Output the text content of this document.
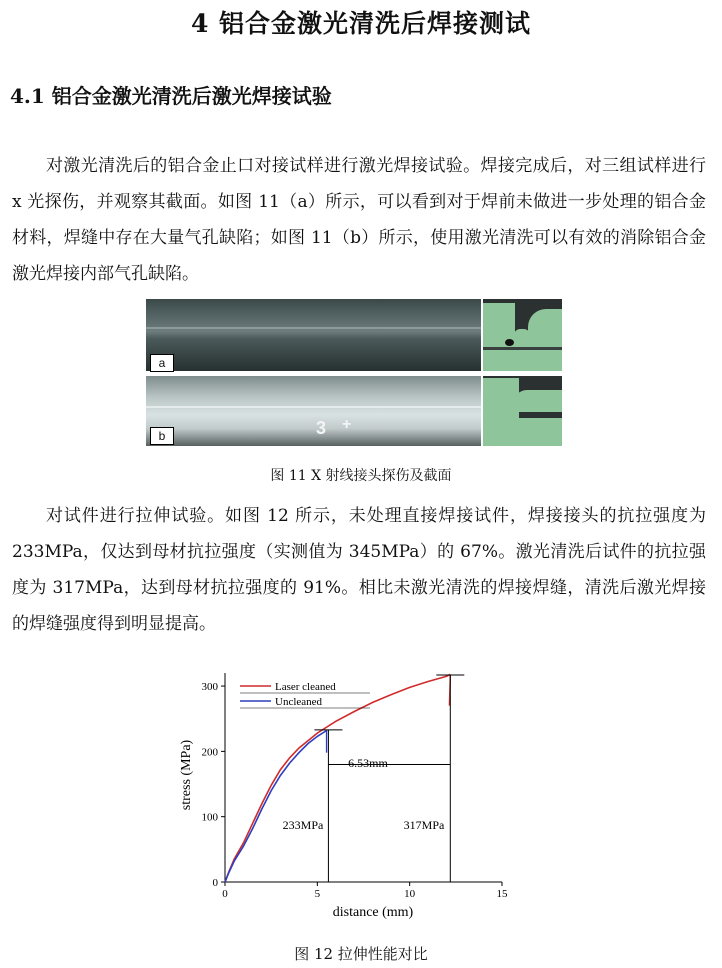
4 铝合金激光清洗后焊接测试
4.1 铝合金激光清洗后激光焊接试验
对激光清洗后的铝合金止口对接试样进行激光焊接试验。焊接完成后，对三组试样进行 x 光探伤，并观察其截面。如图 11（a）所示，可以看到对于焊前未做进一步处理的铝合金材料，焊缝中存在大量气孔缺陷；如图 11（b）所示，使用激光清洗可以有效的消除铝合金激光焊接内部气孔缺陷。
a
3 +
b
图 11 X 射线接头探伤及截面
对试件进行拉伸试验。如图 12 所示，未处理直接焊接试件，焊接接头的抗拉强度为 233MPa，仅达到母材抗拉强度（实测值为 345MPa）的 67%。激光清洗后试件的抗拉强度为 317MPa，达到母材抗拉强度的 91%。相比未激光清洗的焊接焊缝，清洗后激光焊接的焊缝强度得到明显提高。
0	5	10	15
0
100
200
300
distance (mm)
stress (MPa)
Laser cleaned
Uncleaned
233MPa	317MPa
6.53mm
图 12 拉伸性能对比
